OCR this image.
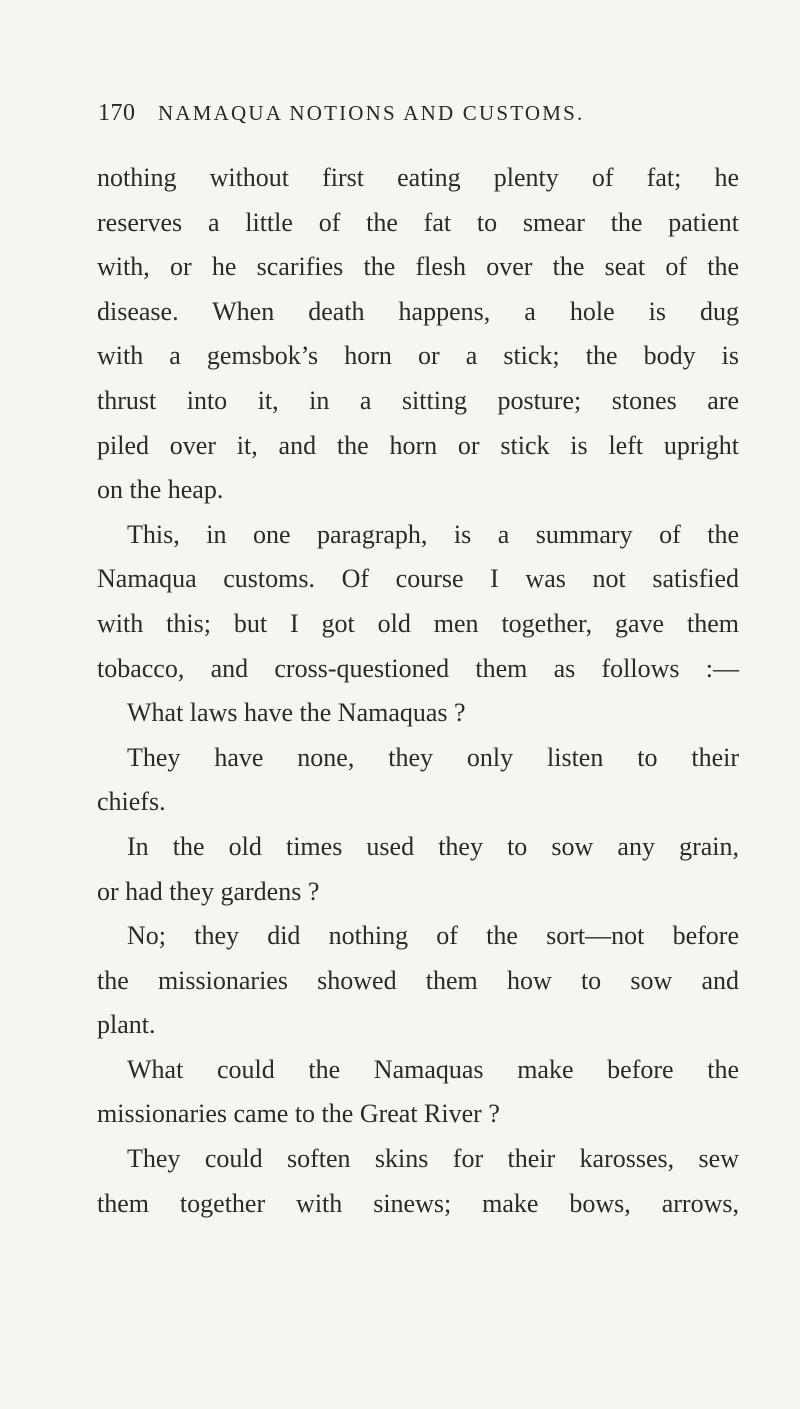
170 NAMAQUA NOTIONS AND CUSTOMS.
nothing without first eating plenty of fat; he
reserves a little of the fat to smear the patient
with, or he scarifies the flesh over the seat of the
disease. When death happens, a hole is dug
with a gemsbok’s horn or a stick; the body is
thrust into it, in a sitting posture; stones are
piled over it, and the horn or stick is left upright
on the heap.
This, in one paragraph, is a summary of the
Namaqua customs. Of course I was not satisfied
with this; but I got old men together, gave them
tobacco, and cross-questioned them as follows :—
What laws have the Namaquas ?
They have none, they only listen to their
chiefs.
In the old times used they to sow any grain,
or had they gardens ?
No; they did nothing of the sort—not before
the missionaries showed them how to sow and
plant.
What could the Namaquas make before the
missionaries came to the Great River ?
They could soften skins for their karosses, sew
them together with sinews; make bows, arrows,
